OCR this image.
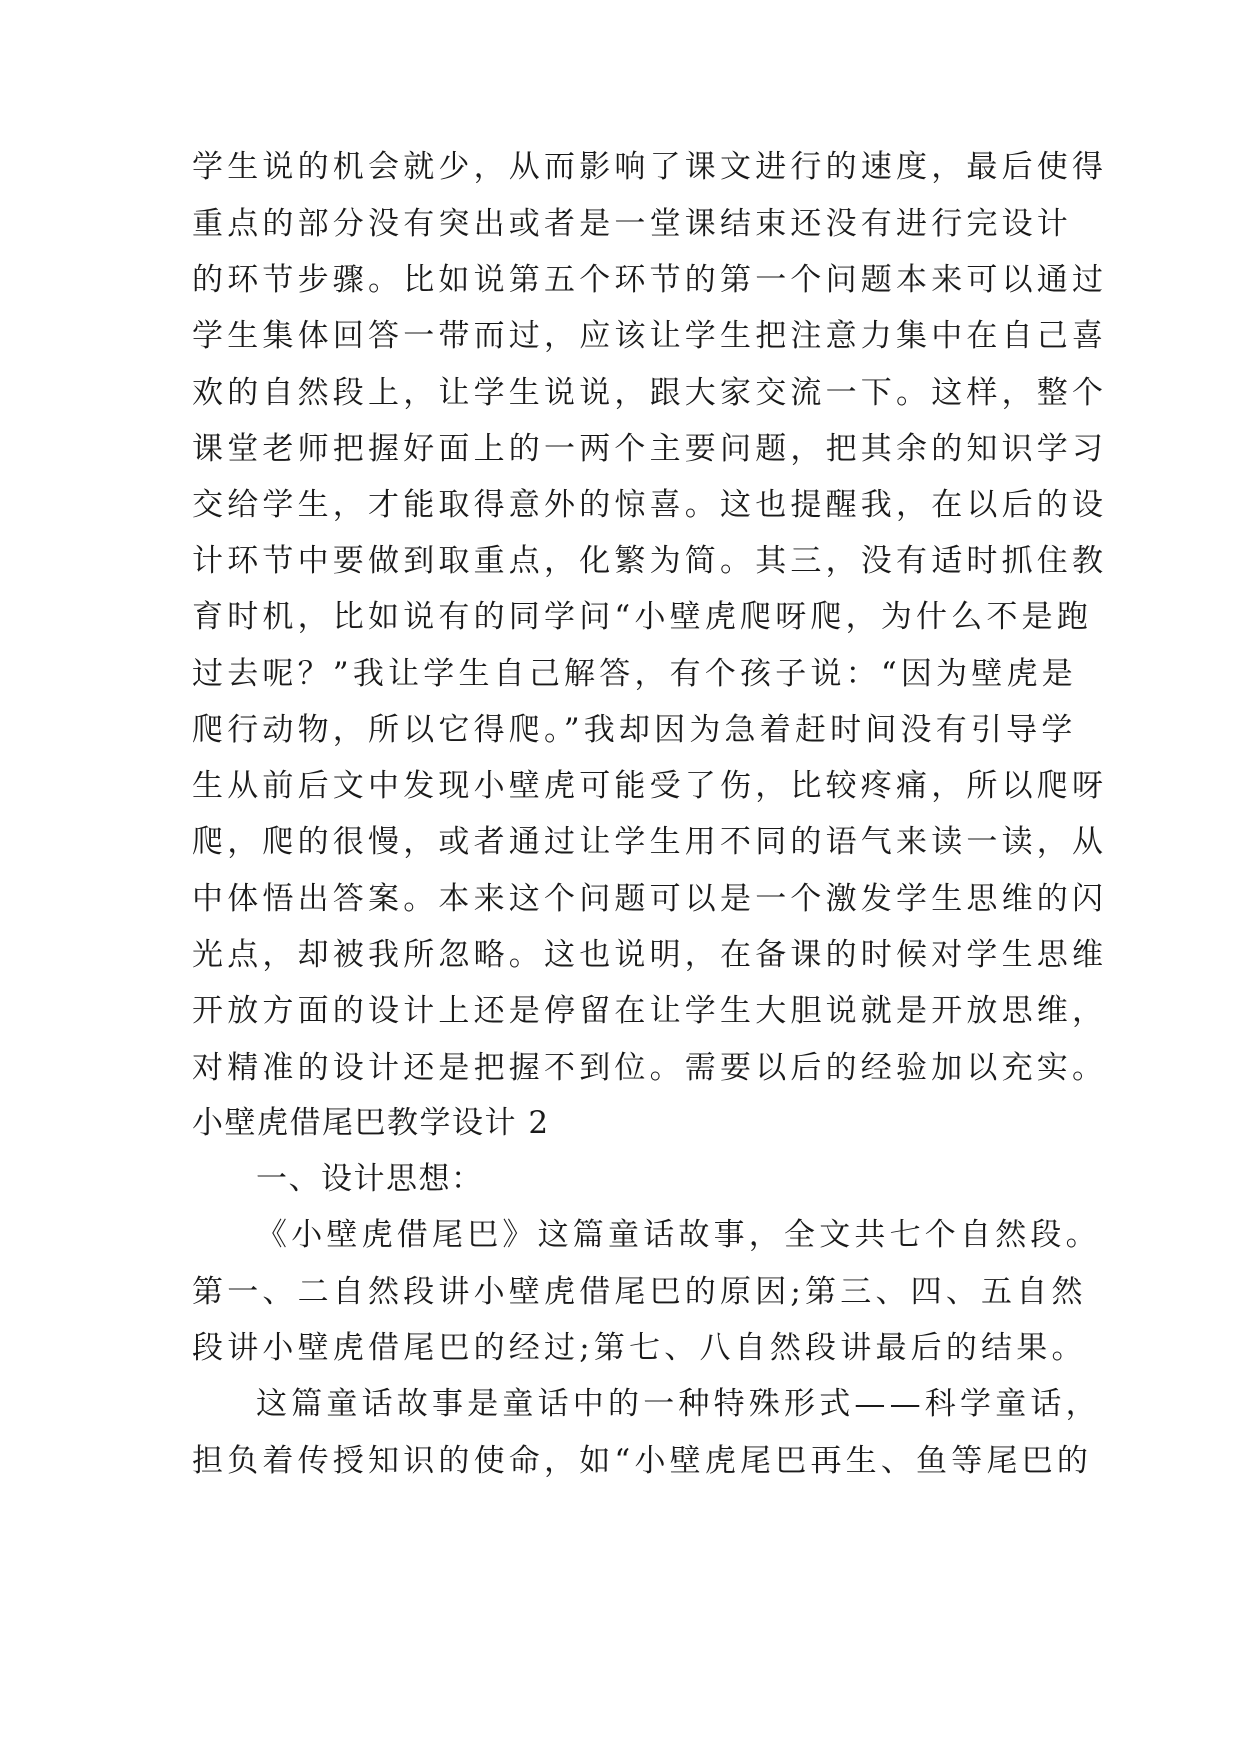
学生说的机会就少，从而影响了课文进行的速度，最后使得
重点的部分没有突出或者是一堂课结束还没有进行完设计
的环节步骤。比如说第五个环节的第一个问题本来可以通过
学生集体回答一带而过，应该让学生把注意力集中在自己喜
欢的自然段上，让学生说说，跟大家交流一下。这样，整个
课堂老师把握好面上的一两个主要问题，把其余的知识学习
交给学生，才能取得意外的惊喜。这也提醒我，在以后的设
计环节中要做到取重点，化繁为简。其三，没有适时抓住教
育时机，比如说有的同学问“小壁虎爬呀爬，为什么不是跑
过去呢？”我让学生自己解答，有个孩子说：“因为壁虎是
爬行动物，所以它得爬。”我却因为急着赶时间没有引导学
生从前后文中发现小壁虎可能受了伤，比较疼痛，所以爬呀
爬，爬的很慢，或者通过让学生用不同的语气来读一读，从
中体悟出答案。本来这个问题可以是一个激发学生思维的闪
光点，却被我所忽略。这也说明，在备课的时候对学生思维
开放方面的设计上还是停留在让学生大胆说就是开放思维，
对精准的设计还是把握不到位。需要以后的经验加以充实。
小壁虎借尾巴教学设计 2
一、设计思想：
《小壁虎借尾巴》这篇童话故事，全文共七个自然段。
第一、二自然段讲小壁虎借尾巴的原因;第三、四、五自然
段讲小壁虎借尾巴的经过;第七、八自然段讲最后的结果。
这篇童话故事是童话中的一种特殊形式——科学童话，
担负着传授知识的使命，如“小壁虎尾巴再生、鱼等尾巴的
